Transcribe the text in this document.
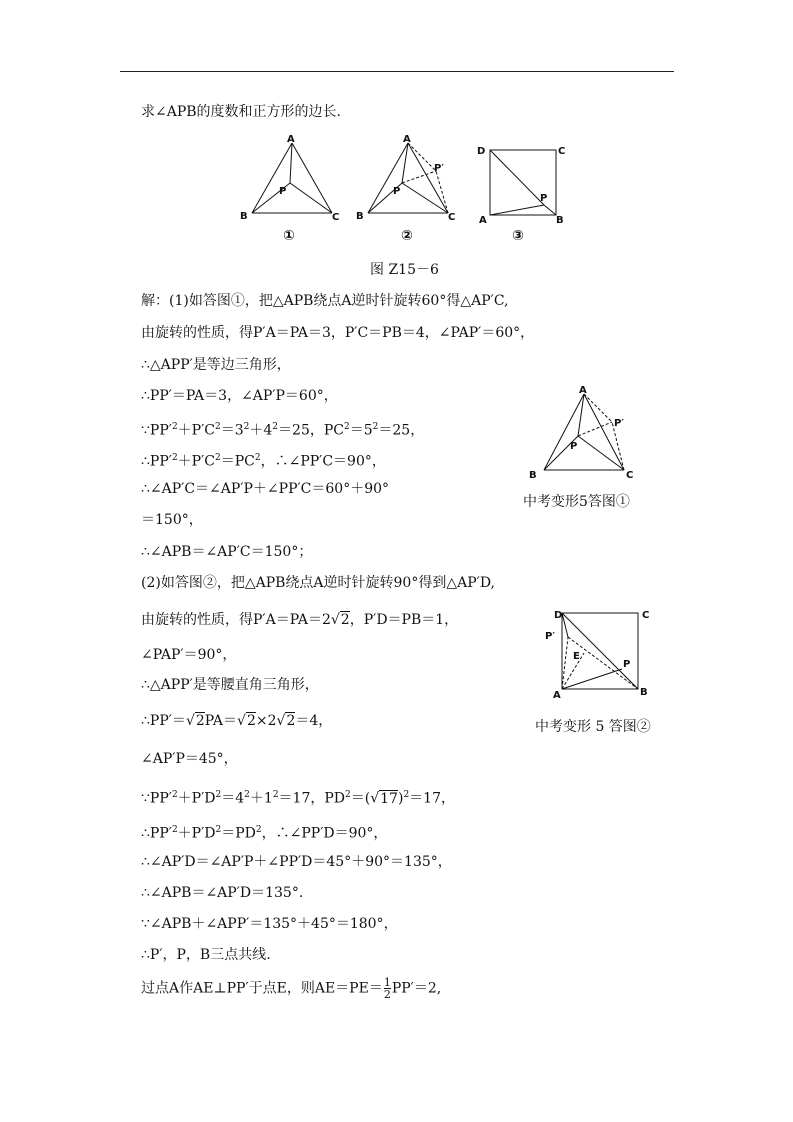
求∠APB的度数和正方形的边长.
A
B	C
P
①
A
B	C
P
P′
②
D	C
A	B
P
③
图 Z15－6
解：(1)如答图①，把△APB绕点A逆时针旋转60°得△AP′C,
由旋转的性质，得P′A＝PA＝3，P′C＝PB＝4，∠PAP′＝60°，
∴△APP′是等边三角形，
∴PP′＝PA＝3，∠AP′P＝60°，
$\because PP'^2+P'C^2=3^2+4^2=25$，$PC^2=5^2=25$，
$\therefore PP'^2+P'C^2=PC^2$，∴∠PP′C＝90°，
∴∠AP′C＝∠AP′P＋∠PP′C＝60°＋90°
＝150°，
∴∠APB＝∠AP′C＝150°；
A
B	C
P
P′
中考变形5答图①
(2)如答图②，把△APB绕点A逆时针旋转90°得到△AP′D,
由旋转的性质，得P′A＝PA＝2√2，P′D＝PB＝1，
∠PAP′＝90°，
∴△APP′是等腰直角三角形，
∴PP′＝√2PA＝√2×2√2＝4，
∠AP′P＝45°，
$\because PP'^2+P'D^2=4^2+1^2=17$，$PD^2=(√17)^2=17$，
$\therefore PP'^2+P'D^2=PD^2$，∴∠PP′D＝90°，
∴∠AP′D＝∠AP′P＋∠PP′D＝45°＋90°＝135°，
∴∠APB＝∠AP′D＝135°.
∵∠APB＋∠APP′＝135°＋45°＝180°，
∴P′，P，B三点共线.
过点A作AE⊥PP′于点E，则$AE=PE= \frac{1}{2} PP'=2$,
D	C
A	B
P
P′
E
中考变形 5 答图②
